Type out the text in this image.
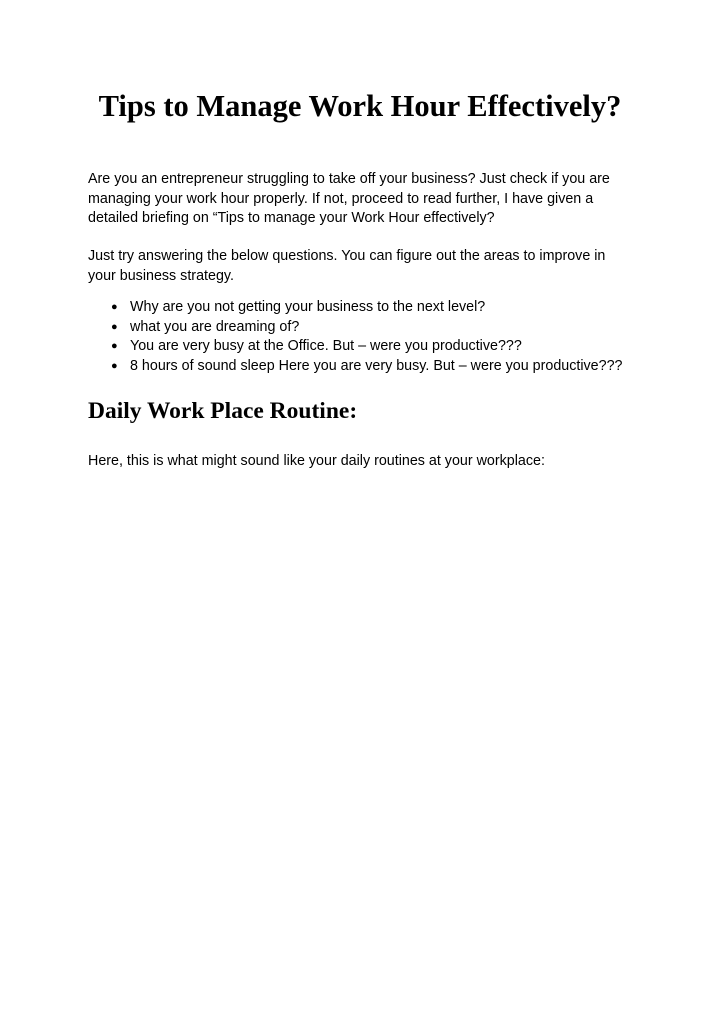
Tips to Manage Work Hour Effectively?

Are you an entrepreneur struggling to take off your business? Just check if you are managing your work hour properly. If not, proceed to read further, I have given a detailed briefing on “Tips to manage your Work Hour effectively?

Just try answering the below questions. You can figure out the areas to improve in your business strategy.

● Why are you not getting your business to the next level?
● what you are dreaming of?
● You are very busy at the Office. But – were you productive???
● 8 hours of sound sleep Here you are very busy. But – were you productive???
Daily Work Place Routine:

Here, this is what might sound like your daily routines at your workplace:
